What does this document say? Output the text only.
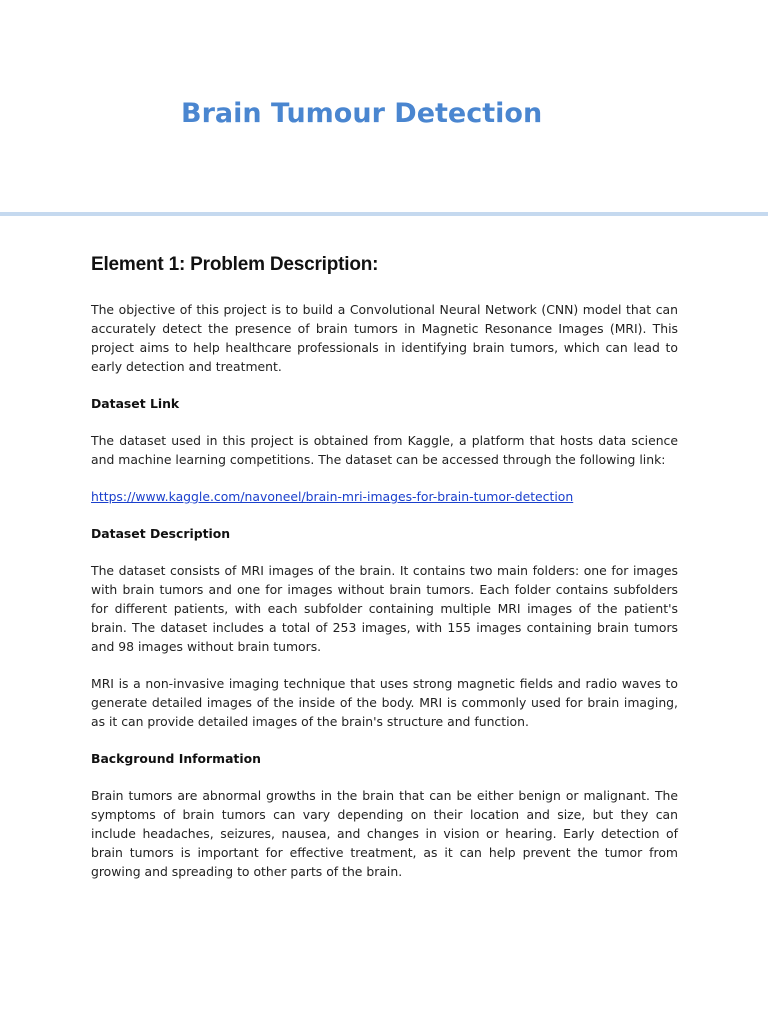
Brain Tumour Detection
Element 1: Problem Description:

The objective of this project is to build a Convolutional Neural Network (CNN) model that can accurately detect the presence of brain tumors in Magnetic Resonance Images (MRI). This project aims to help healthcare professionals in identifying brain tumors, which can lead to early detection and treatment.

Dataset Link

The dataset used in this project is obtained from Kaggle, a platform that hosts data science and machine learning competitions. The dataset can be accessed through the following link:

https://www.kaggle.com/navoneel/brain-mri-images-for-brain-tumor-detection

Dataset Description

The dataset consists of MRI images of the brain. It contains two main folders: one for images with brain tumors and one for images without brain tumors. Each folder contains subfolders for different patients, with each subfolder containing multiple MRI images of the patient's brain. The dataset includes a total of 253 images, with 155 images containing brain tumors and 98 images without brain tumors.

MRI is a non-invasive imaging technique that uses strong magnetic fields and radio waves to generate detailed images of the inside of the body. MRI is commonly used for brain imaging, as it can provide detailed images of the brain's structure and function.

Background Information

Brain tumors are abnormal growths in the brain that can be either benign or malignant. The symptoms of brain tumors can vary depending on their location and size, but they can include headaches, seizures, nausea, and changes in vision or hearing. Early detection of brain tumors is important for effective treatment, as it can help prevent the tumor from growing and spreading to other parts of the brain.
